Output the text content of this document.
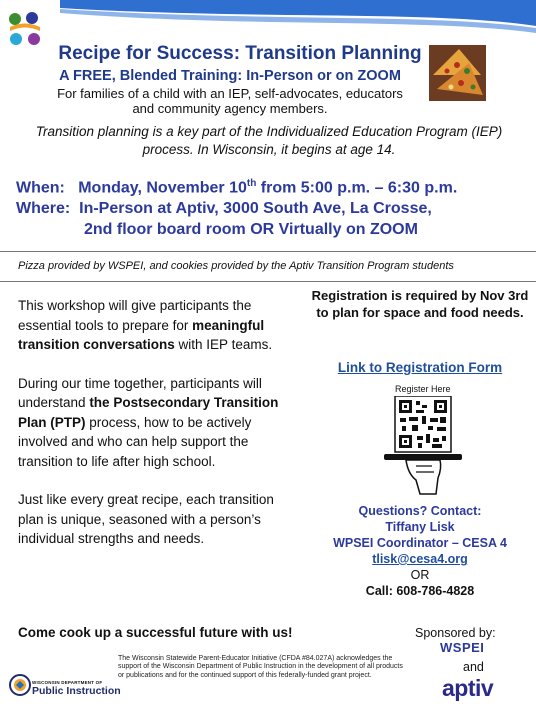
Recipe for Success: Transition Planning
A FREE, Blended Training: In-Person or on ZOOM
For families of a child with an IEP, self-advocates, educators
and community agency members.
Transition planning is a key part of the Individualized Education Program (IEP)
process. In Wisconsin, it begins at age 14.
When: Monday, November 10th from 5:00 p.m. – 6:30 p.m.
Where: In-Person at Aptiv, 3000 South Ave, La Crosse,
2nd floor board room OR Virtually on ZOOM
Pizza provided by WSPEI, and cookies provided by the Aptiv Transition Program students

This workshop will give participants the essential tools to prepare for meaningful transition conversations with IEP teams.

During our time together, participants will understand the Postsecondary Transition Plan (PTP) process, how to be actively involved and who can help support the transition to life after high school.

Just like every great recipe, each transition plan is unique, seasoned with a person’s individual strengths and needs.

Come cook up a successful future with us!

Registration is required by Nov 3rd to plan for space and food needs.

Link to Registration Form
Register Here
Questions? Contact:
Tiffany Lisk
WPSEI Coordinator – CESA 4
tlisk@cesa4.org
OR
Call: 608-786-4828
WISCONSIN DEPARTMENT OF
Public Instruction
The Wisconsin Statewide Parent-Educator Initiative (CFDA #84.027A) acknowledges the support of the Wisconsin Department of Public Instruction in the development of all products or publications and for the continued support of this federally-funded grant project.
Sponsored by:
WSPEI
and
aptiv
